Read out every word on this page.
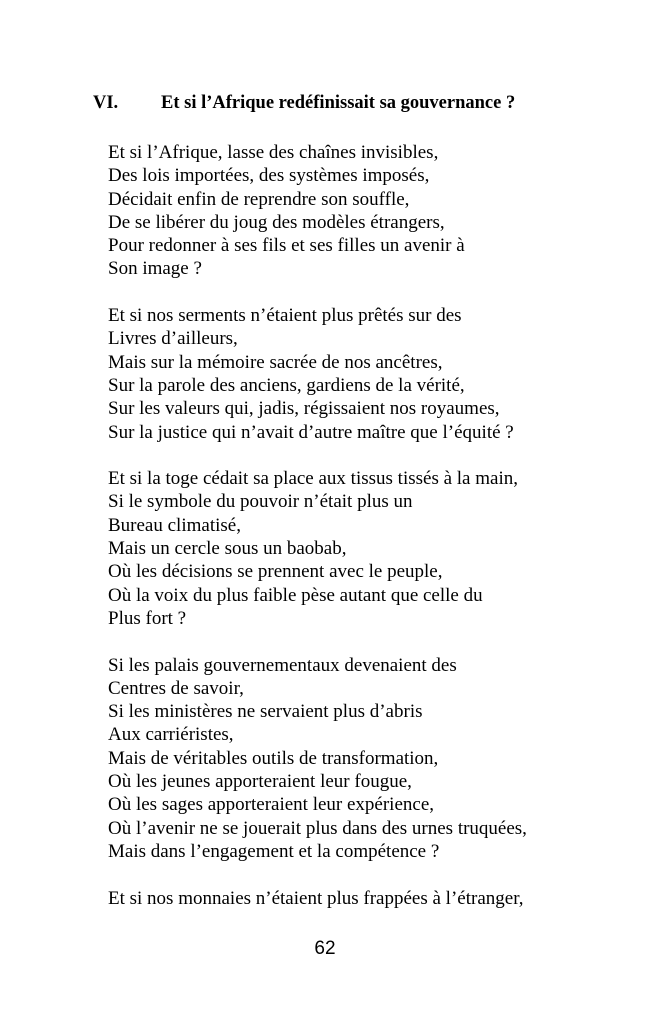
VI. Et si l’Afrique redéfinissait sa gouvernance ?
Et si l’Afrique, lasse des chaînes invisibles,
Des lois importées, des systèmes imposés,
Décidait enfin de reprendre son souffle,
De se libérer du joug des modèles étrangers,
Pour redonner à ses fils et ses filles un avenir à
Son image ?
Et si nos serments n’étaient plus prêtés sur des
Livres d’ailleurs,
Mais sur la mémoire sacrée de nos ancêtres,
Sur la parole des anciens, gardiens de la vérité,
Sur les valeurs qui, jadis, régissaient nos royaumes,
Sur la justice qui n’avait d’autre maître que l’équité ?
Et si la toge cédait sa place aux tissus tissés à la main,
Si le symbole du pouvoir n’était plus un
Bureau climatisé,
Mais un cercle sous un baobab,
Où les décisions se prennent avec le peuple,
Où la voix du plus faible pèse autant que celle du
Plus fort ?
Si les palais gouvernementaux devenaient des
Centres de savoir,
Si les ministères ne servaient plus d’abris
Aux carriéristes,
Mais de véritables outils de transformation,
Où les jeunes apporteraient leur fougue,
Où les sages apporteraient leur expérience,
Où l’avenir ne se jouerait plus dans des urnes truquées,
Mais dans l’engagement et la compétence ?
Et si nos monnaies n’étaient plus frappées à l’étranger,
62
